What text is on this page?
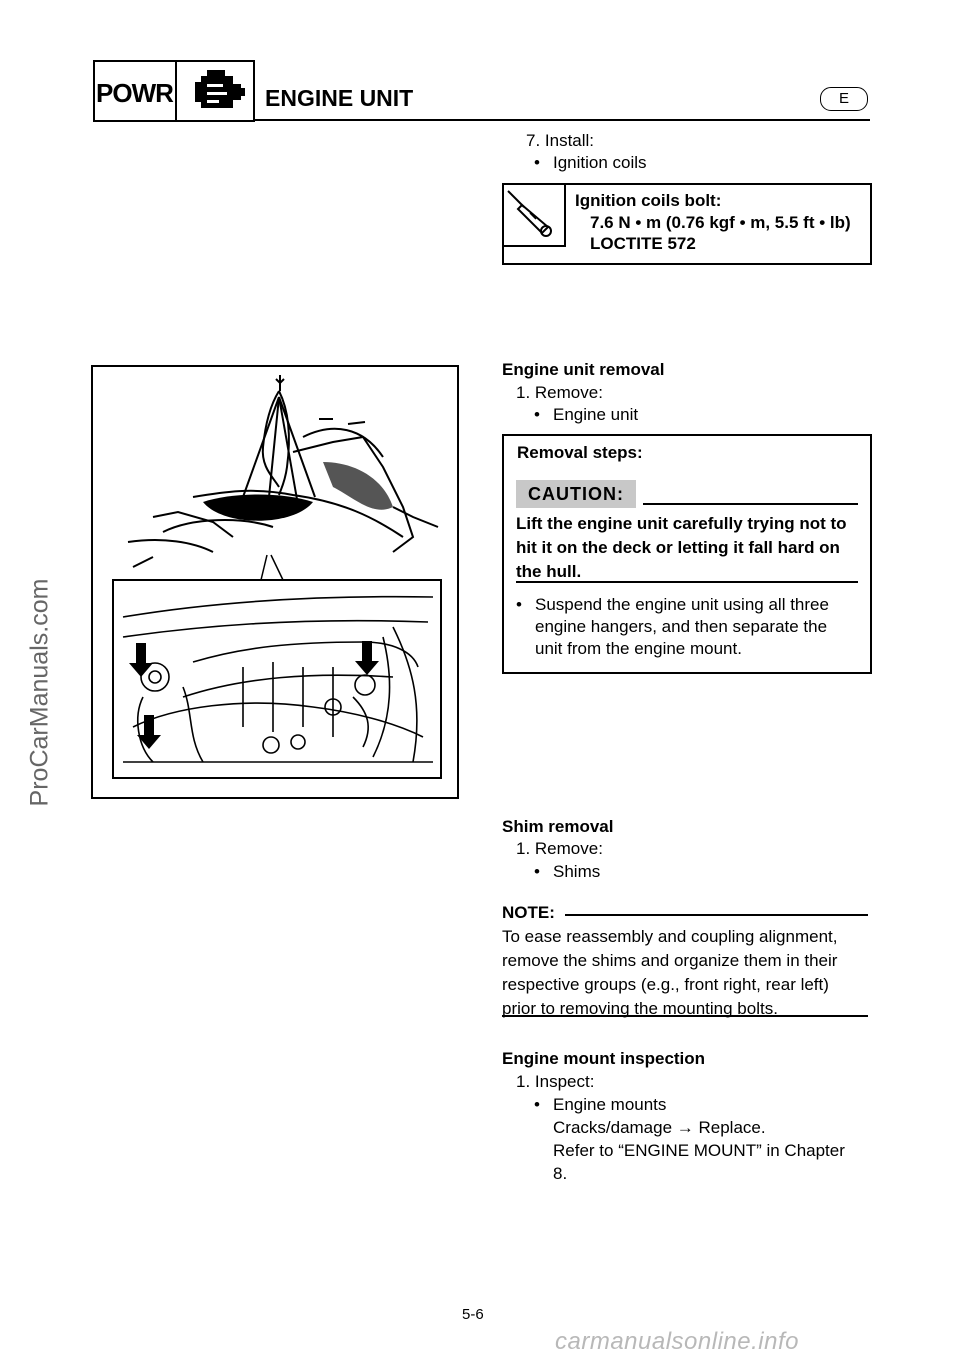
POWR	ENGINE UNIT	E
ProCarManuals.com
7. Install:
• Ignition coils
Ignition coils bolt:
7.6 N • m (0.76 kgf • m, 5.5 ft • lb)
LOCTITE 572
Engine unit removal
1. Remove:
• Engine unit
Removal steps:
CAUTION:
Lift the engine unit carefully trying not to
hit it on the deck or letting it fall hard on
the hull.
• Suspend the engine unit using all three
engine hangers, and then separate the
unit from the engine mount.
Shim removal
1. Remove:
• Shims
NOTE:
To ease reassembly and coupling alignment,
remove the shims and organize them in their
respective groups (e.g., front right, rear left)
prior to removing the mounting bolts.
Engine mount inspection
1. Inspect:
• Engine mounts
Cracks/damage → Replace.
Refer to “ENGINE MOUNT” in Chapter
8.
5-6
carmanualsonline.info
